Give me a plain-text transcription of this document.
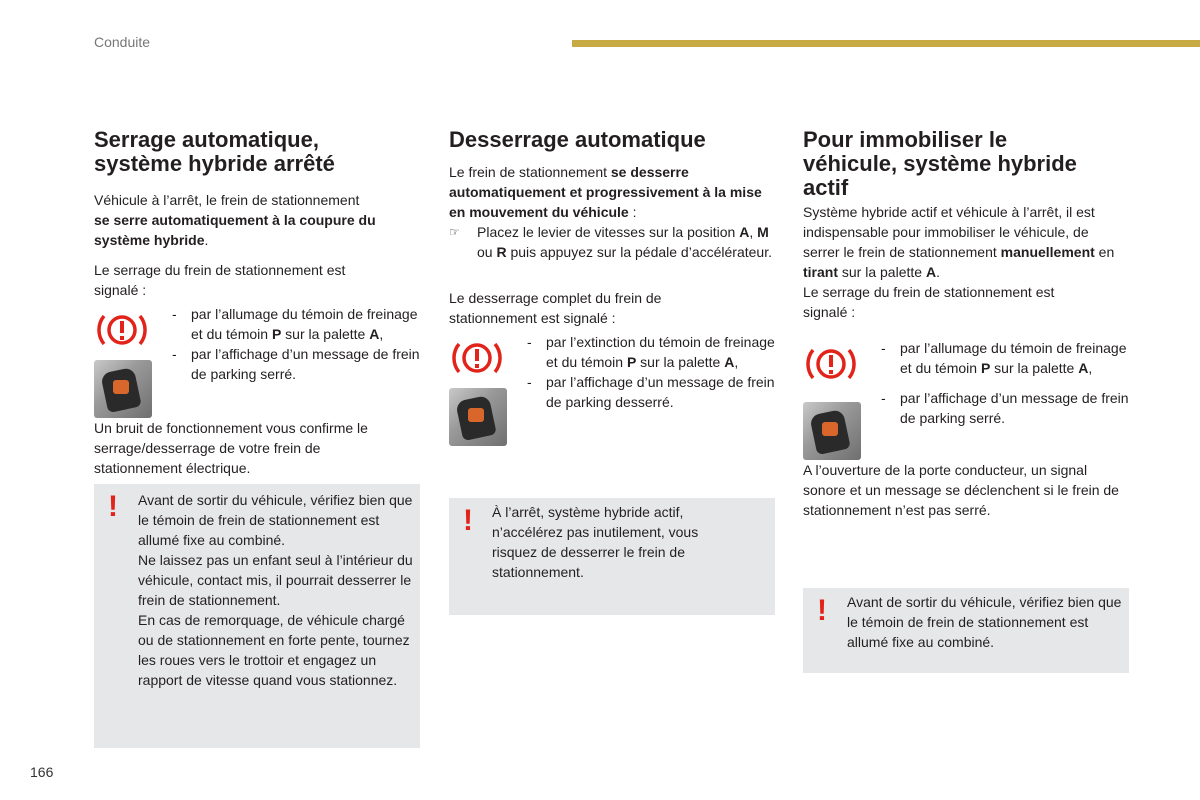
Conduite
Serrage automatique,
système hybride arrêté

Véhicule à l’arrêt, le frein de stationnement
se serre automatiquement à la coupure du système hybride.

Le serrage du frein de stationnement est signalé :

- par l’allumage du témoin de freinage et du témoin P sur la palette A,
- par l’affichage d’un message de frein de parking serré.

Un bruit de fonctionnement vous confirme le serrage/desserrage de votre frein de stationnement électrique.

! Avant de sortir du véhicule, vérifiez bien que le témoin de frein de stationnement est allumé fixe au combiné.
Ne laissez pas un enfant seul à l’intérieur du véhicule, contact mis, il pourrait desserrer le frein de stationnement.
En cas de remorquage, de véhicule chargé ou de stationnement en forte pente, tournez les roues vers le trottoir et engagez un rapport de vitesse quand vous stationnez.
Desserrage automatique

Le frein de stationnement se desserre automatiquement et progressivement à la mise en mouvement du véhicule :

☞ Placez le levier de vitesses sur la position A, M ou R puis appuyez sur la pédale d’accélérateur.

Le desserrage complet du frein de stationnement est signalé :

- par l’extinction du témoin de freinage et du témoin P sur la palette A,
- par l’affichage d’un message de frein de parking desserré.
! À l’arrêt, système hybride actif, n’accélérez pas inutilement, vous risquez de desserrer le frein de stationnement.
Pour immobiliser le
véhicule, système hybride
actif

Système hybride actif et véhicule à l’arrêt, il est indispensable pour immobiliser le véhicule, de serrer le frein de stationnement manuellement en tirant sur la palette A.

Le serrage du frein de stationnement est signalé :

- par l’allumage du témoin de freinage et du témoin P sur la palette A,
- par l’affichage d’un message de frein de parking serré.

A l’ouverture de la porte conducteur, un signal sonore et un message se déclenchent si le frein de stationnement n’est pas serré.

! Avant de sortir du véhicule, vérifiez bien que le témoin de frein de stationnement est allumé fixe au combiné.
166
